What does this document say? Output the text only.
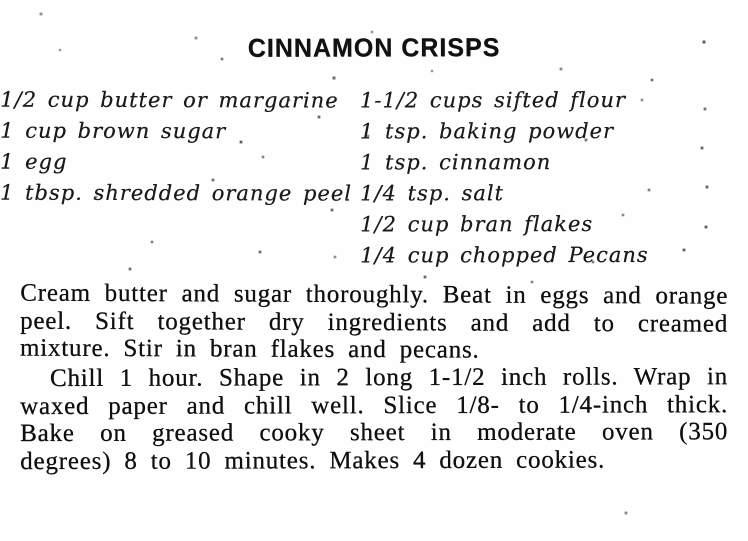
CINNAMON CRISPS
1/2 cup butter or margarine
1 cup brown sugar
1 egg
1 tbsp. shredded orange peel
1-1/2 cups sifted flour
1 tsp. baking powder
1 tsp. cinnamon
1/4 tsp. salt
1/2 cup bran flakes
1/4 cup chopped Pecans

Cream butter and sugar thoroughly. Beat in eggs and orange peel. Sift together dry ingredients and add to creamed mixture. Stir in bran flakes and pecans.

Chill 1 hour. Shape in 2 long 1-1/2 inch rolls. Wrap in waxed paper and chill well. Slice 1/8- to 1/4-inch thick. Bake on greased cooky sheet in moderate oven (350 degrees) 8 to 10 minutes. Makes 4 dozen cookies.
